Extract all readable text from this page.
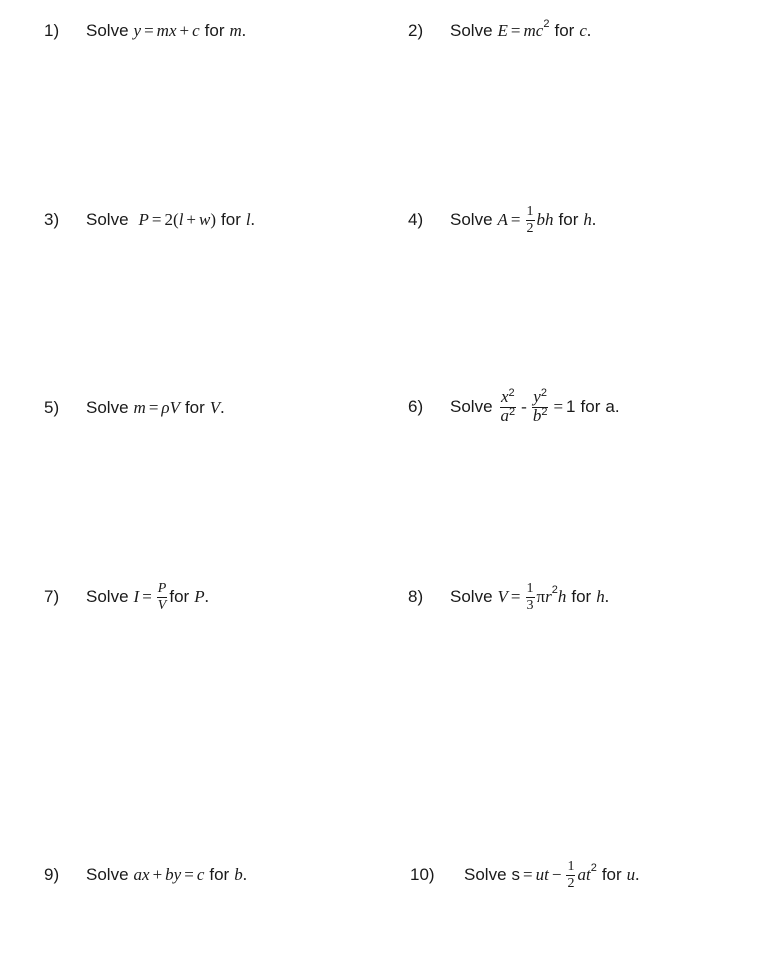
1)	Solve y = mx + c for m .	2)	Solve $E = mc^2$ for c .
3)	Solve P = 2( l + w ) for l .	4)	Solve $A = \frac{1}{2}$ bh for h .
5)	Solve m = ρV for V .	6)	Solve $\frac{x^2}{a^2} - \frac{y^2}{b^2} = 1$ for a .
7)	Solve $I = \frac{P}{V}$ for P .	8)	Solve $V = \frac{1}{3}$ π $r^2$ h for h .
9)	Solve ax + by = c for b .	10)	Solve s = ut − $\frac{1}{2} at^2$ for u .
